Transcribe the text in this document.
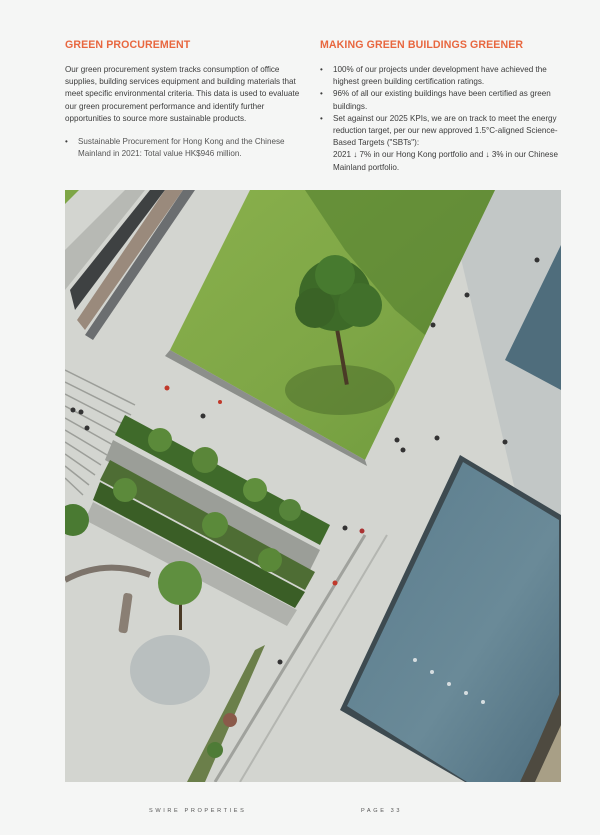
GREEN PROCUREMENT

Our green procurement system tracks consumption of office supplies, building services equipment and building materials that meet specific environmental criteria. This data is used to evaluate our green procurement performance and identify further opportunities to source more sustainable products.

• Sustainable Procurement for Hong Kong and the Chinese Mainland in 2021: Total value HK$946 million.
MAKING GREEN BUILDINGS GREENER
• 100% of our projects under development have achieved the highest green building certification ratings.
• 96% of all our existing buildings have been certified as green buildings.
• Set against our 2025 KPIs, we are on track to meet the energy reduction target, per our new approved 1.5°C-aligned Science-Based Targets ("SBTs"):
2021 ↓ 7% in our Hong Kong portfolio and ↓ 3% in our Chinese Mainland portfolio.
SWIRE PROPERTIES	PAGE 33
